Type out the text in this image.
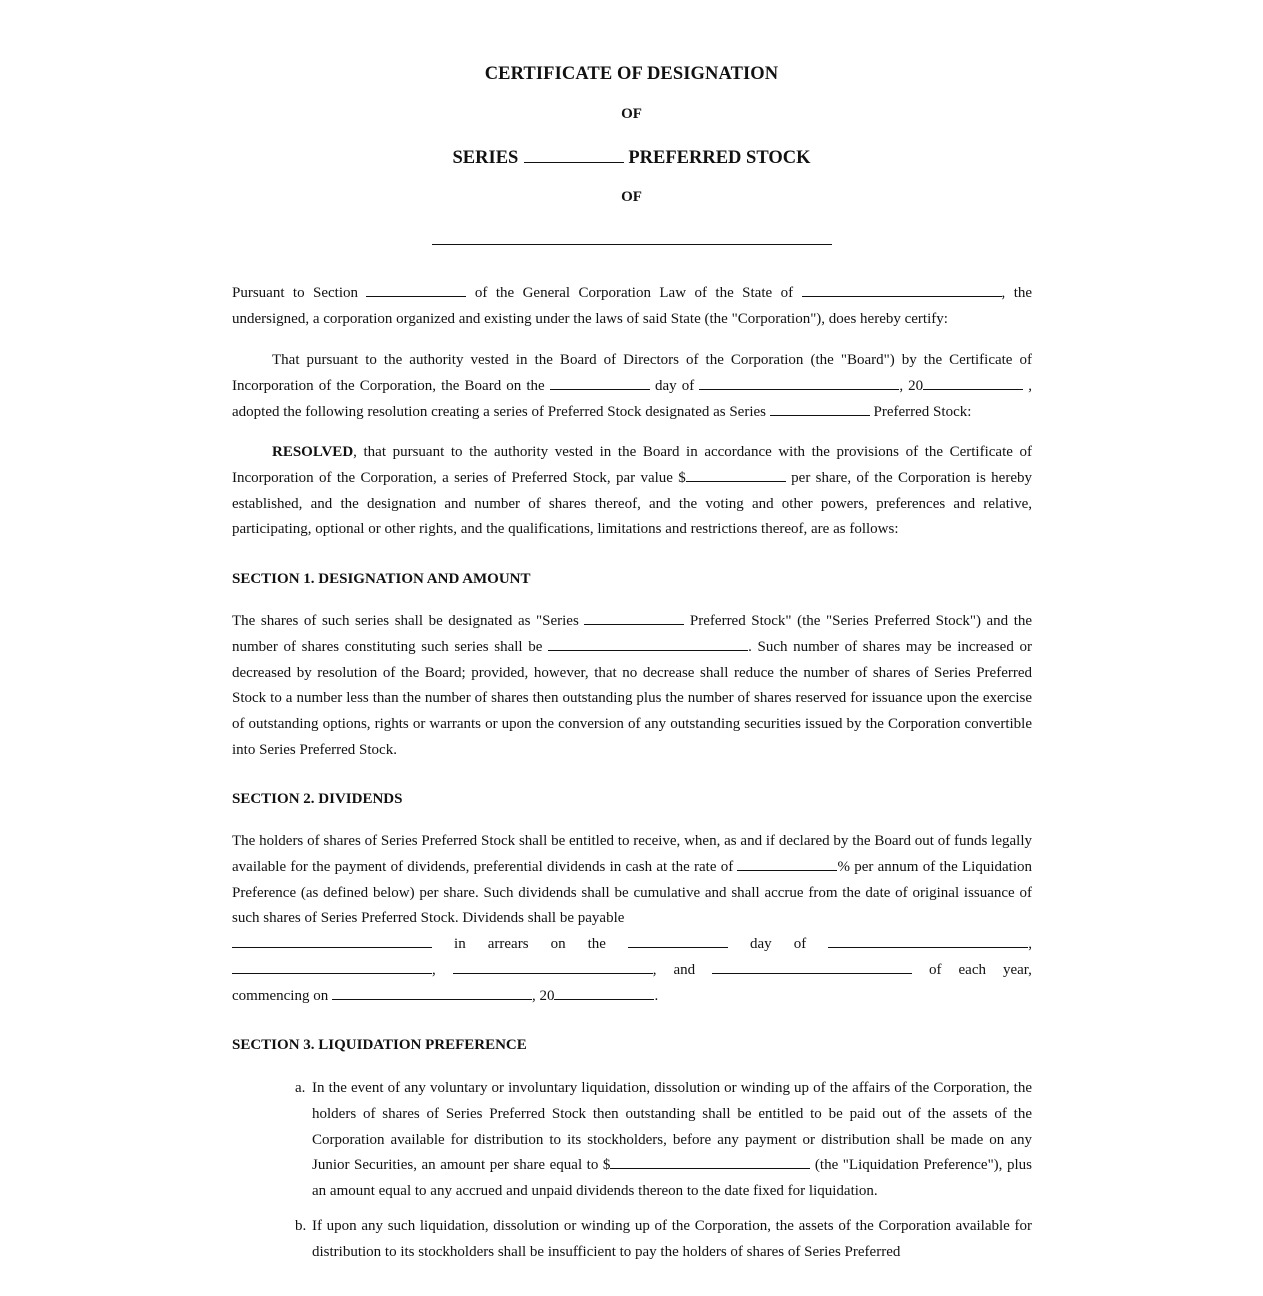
CERTIFICATE OF DESIGNATION
OF
SERIES	PREFERRED STOCK
OF
Pursuant to Section	of the General Corporation Law of the State of	, the undersigned, a corporation organized and existing under the laws of said State (the "Corporation"), does hereby certify:
That pursuant to the authority vested in the Board of Directors of the Corporation (the "Board") by the Certificate of Incorporation of the Corporation, the Board on the	day of	, 20	, adopted the following resolution creating a series of Preferred Stock designated as Series	Preferred Stock:
RESOLVED, that pursuant to the authority vested in the Board in accordance with the provisions of the Certificate of Incorporation of the Corporation, a series of Preferred Stock, par value $	per share, of the Corporation is hereby established, and the designation and number of shares thereof, and the voting and other powers, preferences and relative, participating, optional or other rights, and the qualifications, limitations and restrictions thereof, are as follows:
SECTION 1. DESIGNATION AND AMOUNT
The shares of such series shall be designated as "Series	Preferred Stock" (the "Series Preferred Stock") and the number of shares constituting such series shall be	. Such number of shares may be increased or decreased by resolution of the Board; provided, however, that no decrease shall reduce the number of shares of Series Preferred Stock to a number less than the number of shares then outstanding plus the number of shares reserved for issuance upon the exercise of outstanding options, rights or warrants or upon the conversion of any outstanding securities issued by the Corporation convertible into Series Preferred Stock.
SECTION 2. DIVIDENDS
The holders of shares of Series Preferred Stock shall be entitled to receive, when, as and if declared by the Board out of funds legally available for the payment of dividends, preferential dividends in cash at the rate of	% per annum of the Liquidation Preference (as defined below) per share. Such dividends shall be cumulative and shall accrue from the date of original issuance of such shares of Series Preferred Stock. Dividends shall be payable
in arrears on the	day of	,
,	, and	of each year,
commencing on	, 20	.
SECTION 3. LIQUIDATION PREFERENCE
a. In the event of any voluntary or involuntary liquidation, dissolution or winding up of the affairs of the Corporation, the holders of shares of Series Preferred Stock then outstanding shall be entitled to be paid out of the assets of the Corporation available for distribution to its stockholders, before any payment or distribution shall be made on any Junior Securities, an amount per share equal to $	(the "Liquidation Preference"), plus an amount equal to any accrued and unpaid dividends thereon to the date fixed for liquidation.
b. If upon any such liquidation, dissolution or winding up of the Corporation, the assets of the Corporation available for distribution to its stockholders shall be insufficient to pay the holders of shares of Series Preferred
